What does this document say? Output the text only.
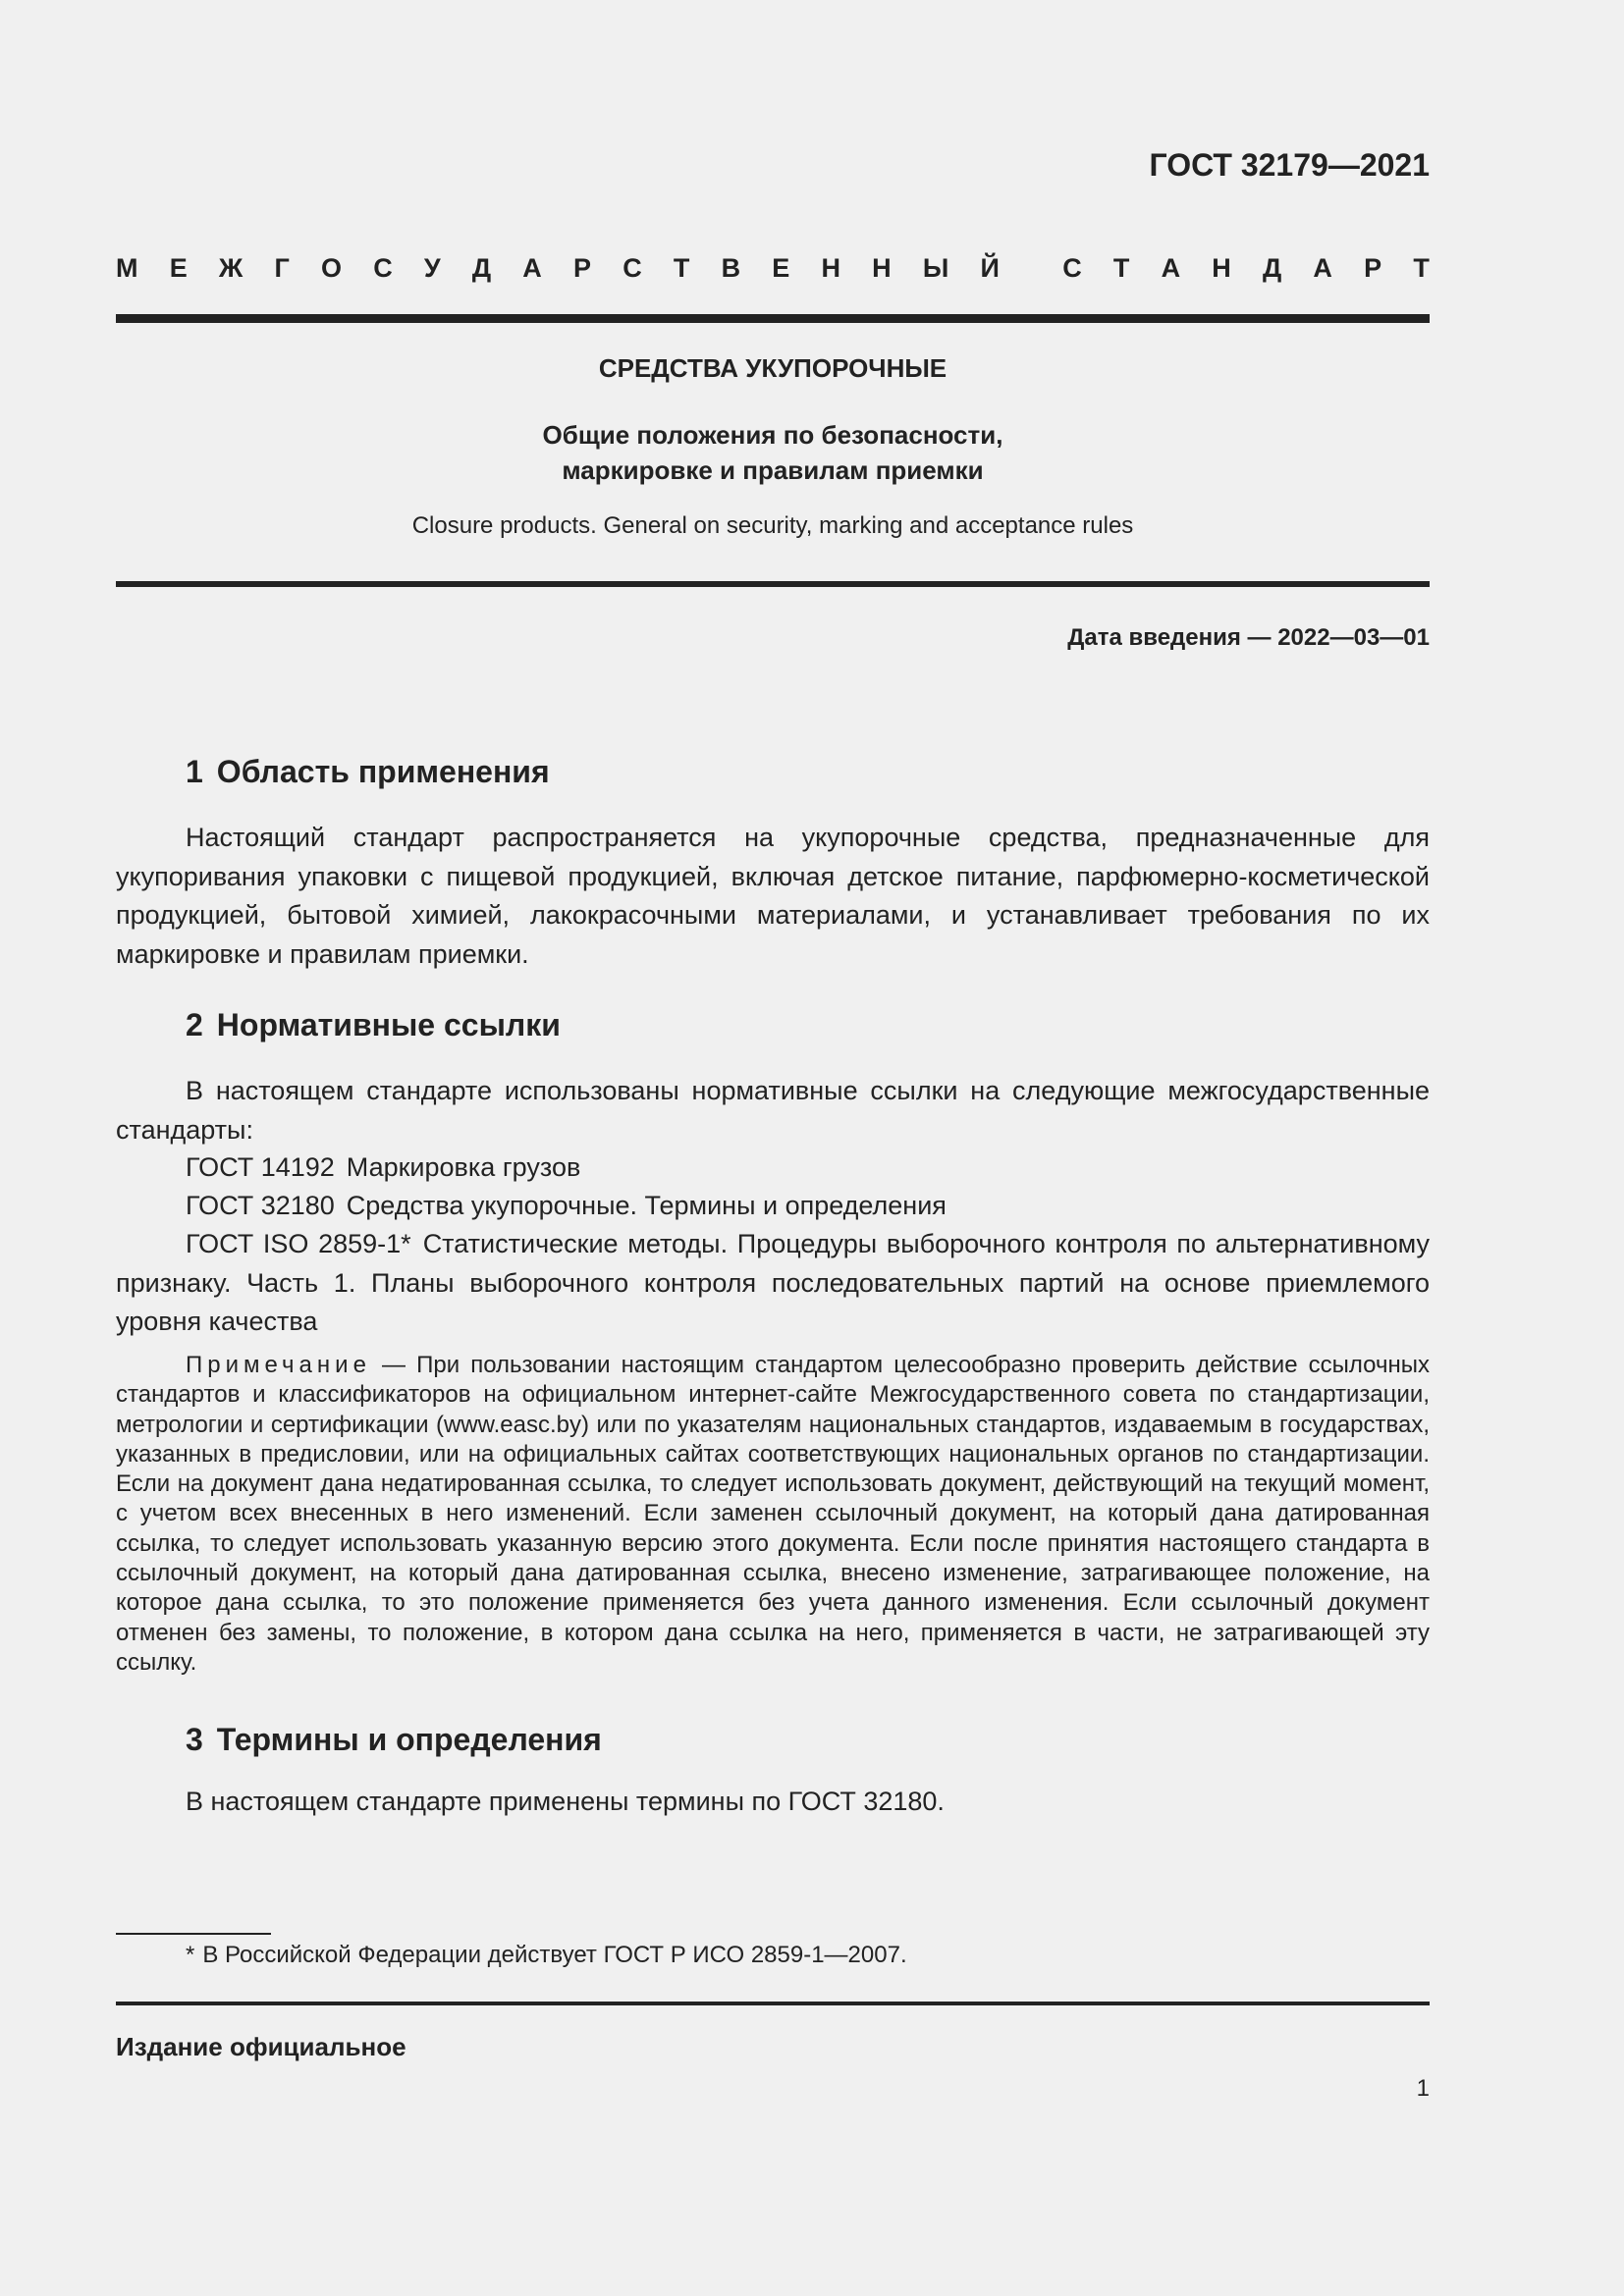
ГОСТ 32179—2021
М Е Ж Г О С У Д А Р С Т В Е Н Н Ы Й С Т А Н Д А Р Т
СРЕДСТВА УКУПОРОЧНЫЕ
Общие положения по безопасности,
маркировке и правилам приемки
Closure products. General on security, marking and acceptance rules
Дата введения — 2022—03—01
1 Область применения
Настоящий стандарт распространяется на укупорочные средства, предназначенные для укупоривания упаковки с пищевой продукцией, включая детское питание, парфюмерно-косметической продукцией, бытовой химией, лакокрасочными материалами, и устанавливает требования по их маркировке и правилам приемки.
2 Нормативные ссылки
В настоящем стандарте использованы нормативные ссылки на следующие межгосударственные стандарты:
ГОСТ 14192 Маркировка грузов
ГОСТ 32180 Средства укупорочные. Термины и определения
ГОСТ ISO 2859-1* Статистические методы. Процедуры выборочного контроля по альтернативному признаку. Часть 1. Планы выборочного контроля последовательных партий на основе приемлемого уровня качества
Примечание — При пользовании настоящим стандартом целесообразно проверить действие ссылочных стандартов и классификаторов на официальном интернет-сайте Межгосударственного совета по стандартизации, метрологии и сертификации (www.easc.by) или по указателям национальных стандартов, издаваемым в государствах, указанных в предисловии, или на официальных сайтах соответствующих национальных органов по стандартизации. Если на документ дана недатированная ссылка, то следует использовать документ, действующий на текущий момент, с учетом всех внесенных в него изменений. Если заменен ссылочный документ, на который дана датированная ссылка, то следует использовать указанную версию этого документа. Если после принятия настоящего стандарта в ссылочный документ, на который дана датированная ссылка, внесено изменение, затрагивающее положение, на которое дана ссылка, то это положение применяется без учета данного изменения. Если ссылочный документ отменен без замены, то положение, в котором дана ссылка на него, применяется в части, не затрагивающей эту ссылку.
3 Термины и определения
В настоящем стандарте применены термины по ГОСТ 32180.
* В Российской Федерации действует ГОСТ Р ИСО 2859-1—2007.
Издание официальное
1
